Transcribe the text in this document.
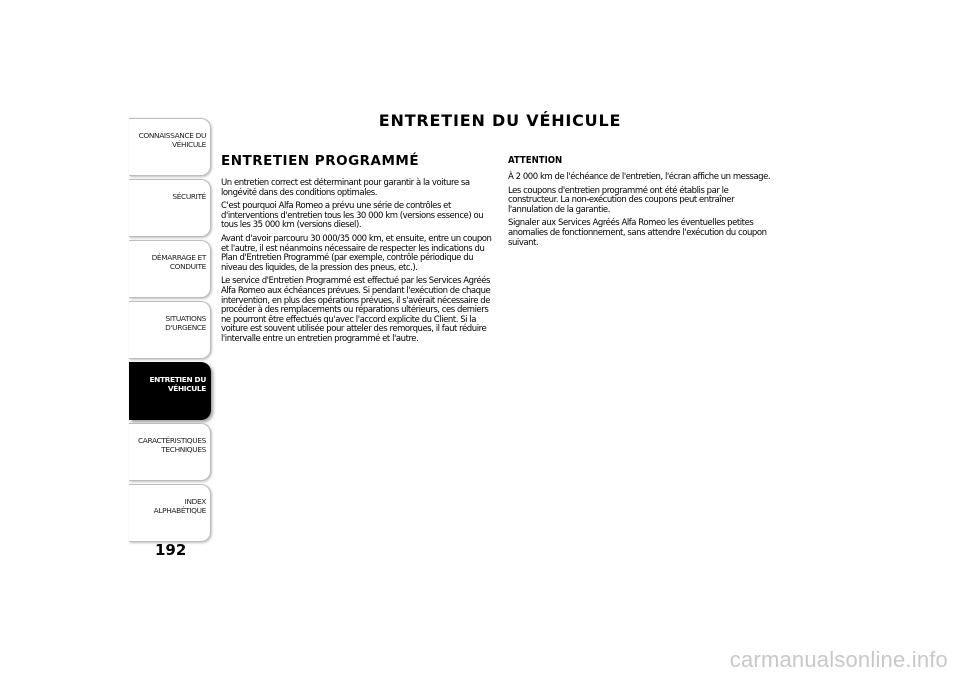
CONNAISSANCE DU
VÉHICULE
SÉCURITÉ
DÉMARRAGE ET
CONDUITE
SITUATIONS
D'URGENCE
ENTRETIEN DU
VÉHICULE
CARACTÉRISTIQUES
TECHNIQUES
INDEX
ALPHABÉTIQUE
192
ENTRETIEN DU VÉHICULE
ENTRETIEN PROGRAMMÉ

Un entretien correct est déterminant pour garantir à la voiture sa longévité dans des conditions optimales.

C'est pourquoi Alfa Romeo a prévu une série de contrôles et d'interventions d'entretien tous les 30 000 km (versions essence) ou tous les 35 000 km (versions diesel).

Avant d'avoir parcouru 30 000/35 000 km, et ensuite, entre un coupon et l'autre, il est néanmoins nécessaire de respecter les indications du Plan d'Entretien Programmé (par exemple, contrôle périodique du niveau des liquides, de la pression des pneus, etc.).

Le service d'Entretien Programmé est effectué par les Services Agréés Alfa Romeo aux échéances prévues. Si pendant l'exécution de chaque intervention, en plus des opérations prévues, il s'avérait nécessaire de procéder à des remplacements ou réparations ultérieurs, ces derniers ne pourront être effectués qu'avec l'accord explicite du Client. Si la voiture est souvent utilisée pour atteler des remorques, il faut réduire l'intervalle entre un entretien programmé et l'autre.

ATTENTION

À 2 000 km de l'échéance de l'entretien, l'écran affiche un message.

Les coupons d'entretien programmé ont été établis par le constructeur. La non-exécution des coupons peut entraîner l'annulation de la garantie.

Signaler aux Services Agréés Alfa Romeo les éventuelles petites anomalies de fonctionnement, sans attendre l'exécution du coupon suivant.

carmanualsonline.info
